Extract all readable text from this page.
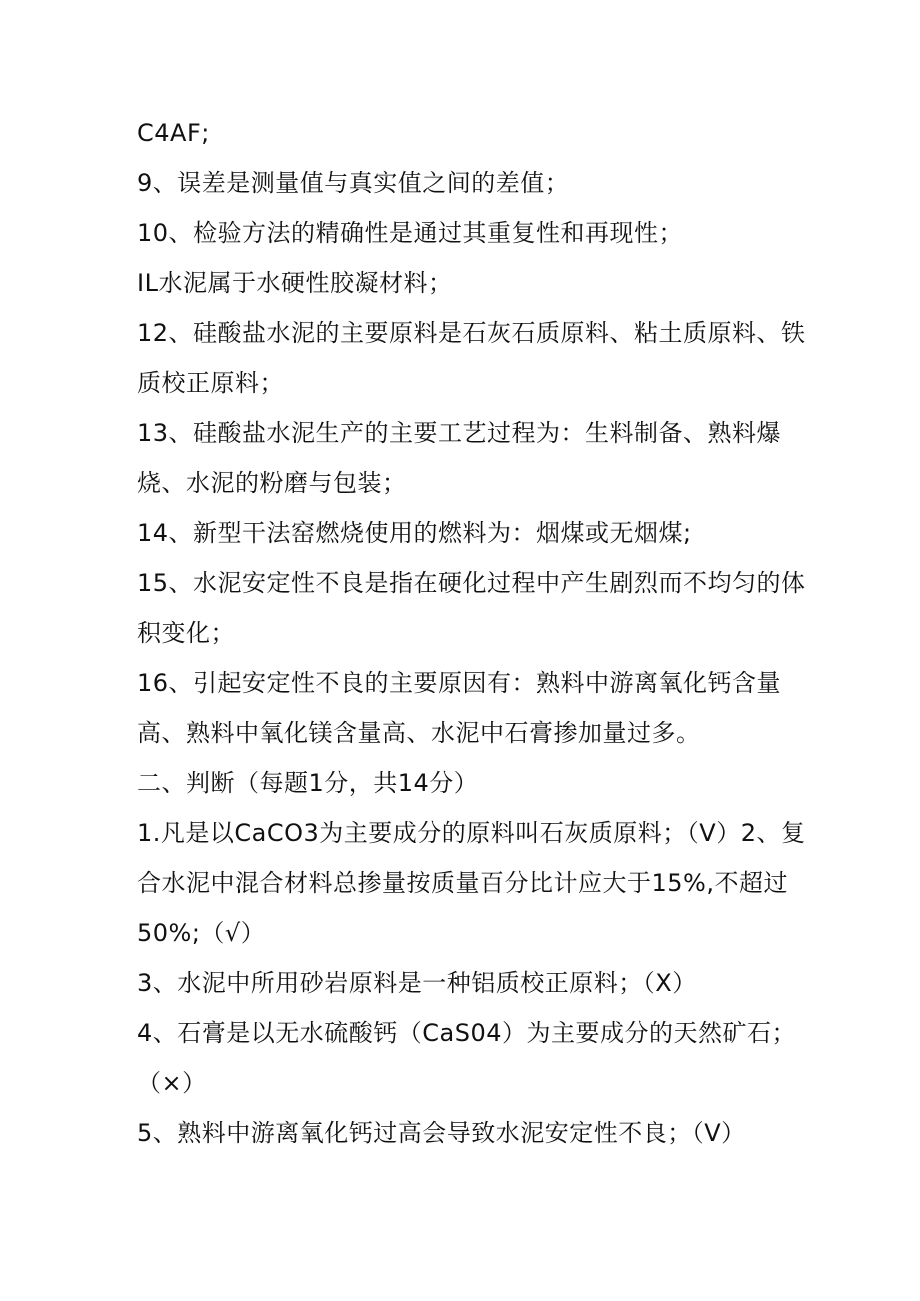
C4AF;
9、误差是测量值与真实值之间的差值；
10、检验方法的精确性是通过其重复性和再现性；
IL水泥属于水硬性胶凝材料；
12、硅酸盐水泥的主要原料是石灰石质原料、粘土质原料、铁
质校正原料；
13、硅酸盐水泥生产的主要工艺过程为：生料制备、熟料爆
烧、水泥的粉磨与包装；
14、新型干法窑燃烧使用的燃料为：烟煤或无烟煤;
15、水泥安定性不良是指在硬化过程中产生剧烈而不均匀的体
积变化；
16、引起安定性不良的主要原因有：熟料中游离氧化钙含量
高、熟料中氧化镁含量高、水泥中石膏掺加量过多。
二、判断（每题1分，共14分）
1.凡是以CaCO3为主要成分的原料叫石灰质原料；（V）2、复
合水泥中混合材料总掺量按质量百分比计应大于15%,不超过
50%;（√）
3、水泥中所用砂岩原料是一种铝质校正原料；（X）
4、石膏是以无水硫酸钙（CaS04）为主要成分的天然矿石；
（×）
5、熟料中游离氧化钙过高会导致水泥安定性不良；（V）
